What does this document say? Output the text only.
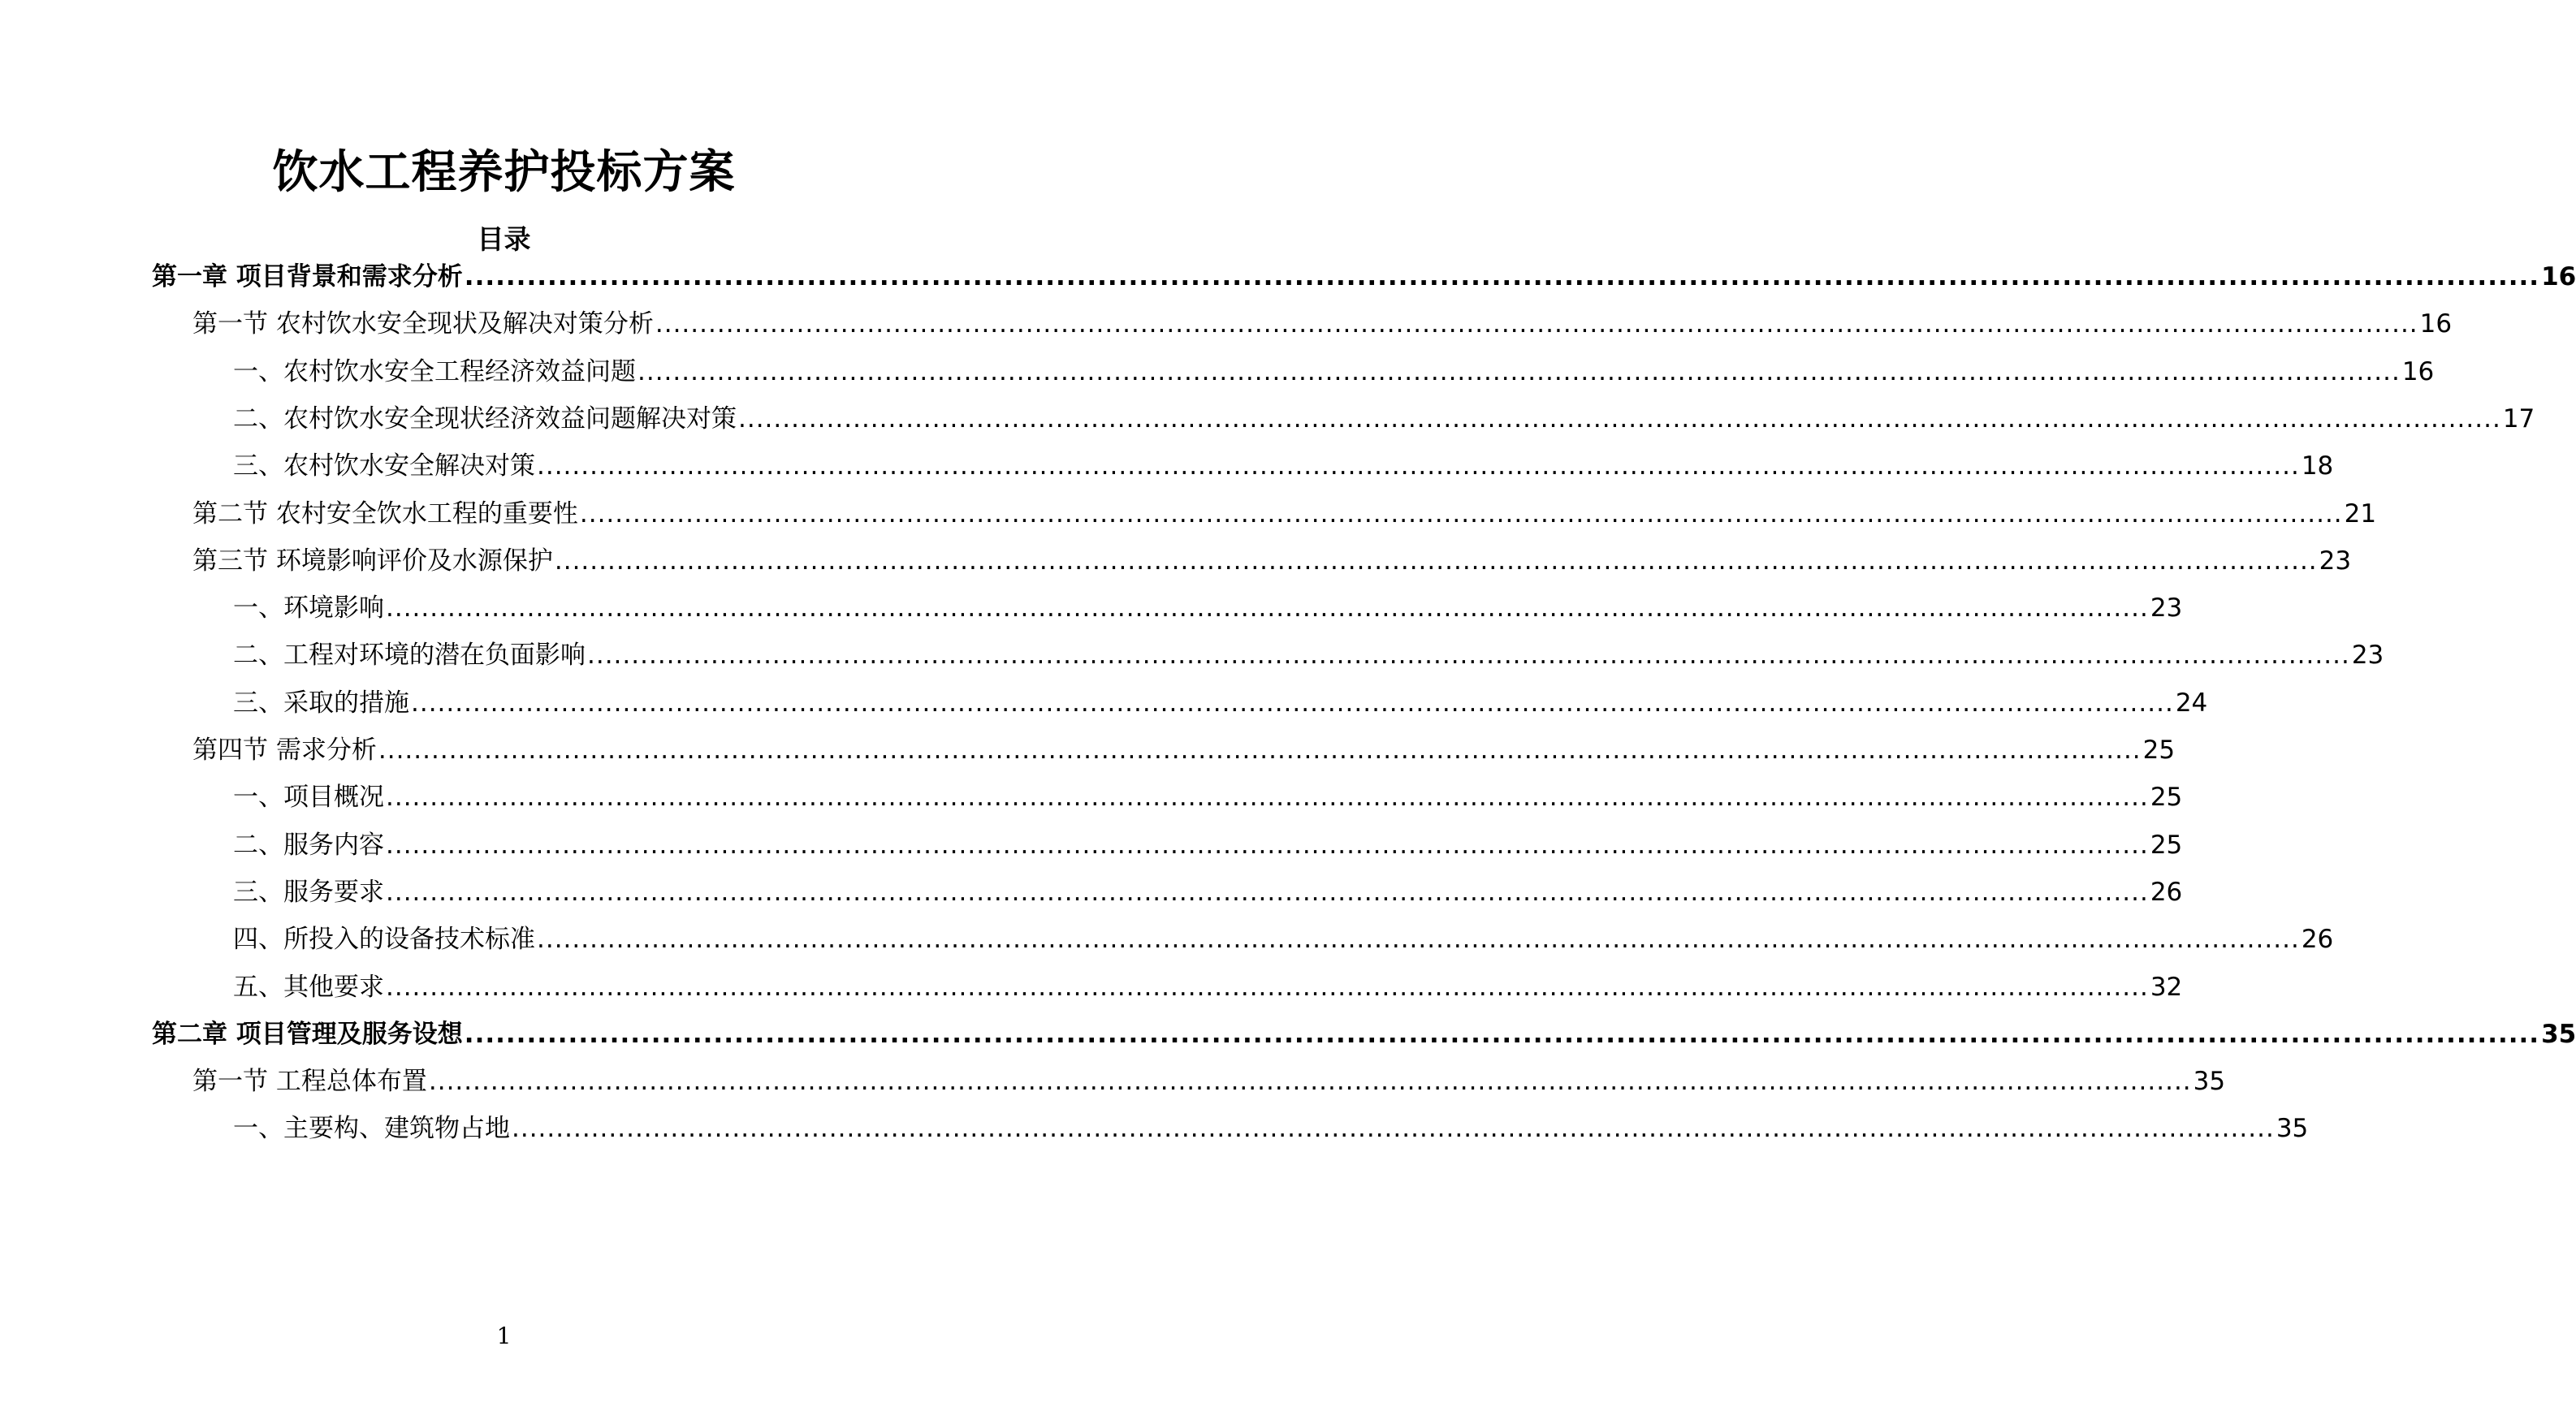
饮水工程养护投标方案
目录
第一章 项目背景和需求分析 ........................................................................................................................................................................................................ 16
第一节 农村饮水安全现状及解决对策分析 ........................................................................................................................................................................................................ 16
一、农村饮水安全工程经济效益问题 ........................................................................................................................................................................................................ 16
二、农村饮水安全现状经济效益问题解决对策 ........................................................................................................................................................................................................ 17
三、农村饮水安全解决对策 ........................................................................................................................................................................................................ 18
第二节 农村安全饮水工程的重要性 ........................................................................................................................................................................................................ 21
第三节 环境影响评价及水源保护 ........................................................................................................................................................................................................ 23
一、环境影响 ........................................................................................................................................................................................................ 23
二、工程对环境的潜在负面影响 ........................................................................................................................................................................................................ 23
三、采取的措施 ........................................................................................................................................................................................................ 24
第四节 需求分析 ........................................................................................................................................................................................................ 25
一、项目概况 ........................................................................................................................................................................................................ 25
二、服务内容 ........................................................................................................................................................................................................ 25
三、服务要求 ........................................................................................................................................................................................................ 26
四、所投入的设备技术标准 ........................................................................................................................................................................................................ 26
五、其他要求 ........................................................................................................................................................................................................ 32
第二章 项目管理及服务设想 ........................................................................................................................................................................................................ 35
第一节 工程总体布置 ........................................................................................................................................................................................................ 35
一、主要构、建筑物占地 ........................................................................................................................................................................................................ 35
1
